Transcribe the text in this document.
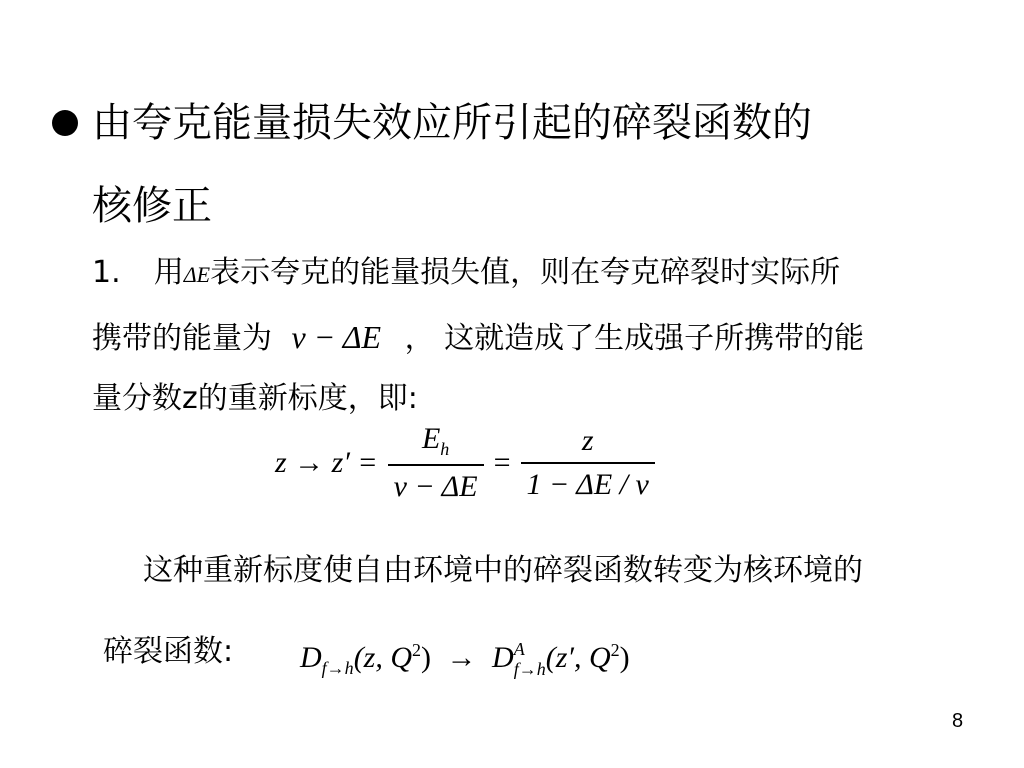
由夸克能量损失效应所引起的碎裂函数的
核修正
1. 用ΔE表示夸克的能量损失值，则在夸克碎裂时实际所
携带的能量为 ν − ΔE ， 这就造成了生成强子所携带的能
量分数z的重新标度，即:
$z \to z' = \frac{E_h}{\nu - \Delta E} = \frac{z}{1 - \Delta E / \nu}$
这种重新标度使自由环境中的碎裂函数转变为核环境的
碎裂函数: $D_{f\to h}(z$, $Q^2) \to D$ A
f→h (z′, $Q^2$)
8
